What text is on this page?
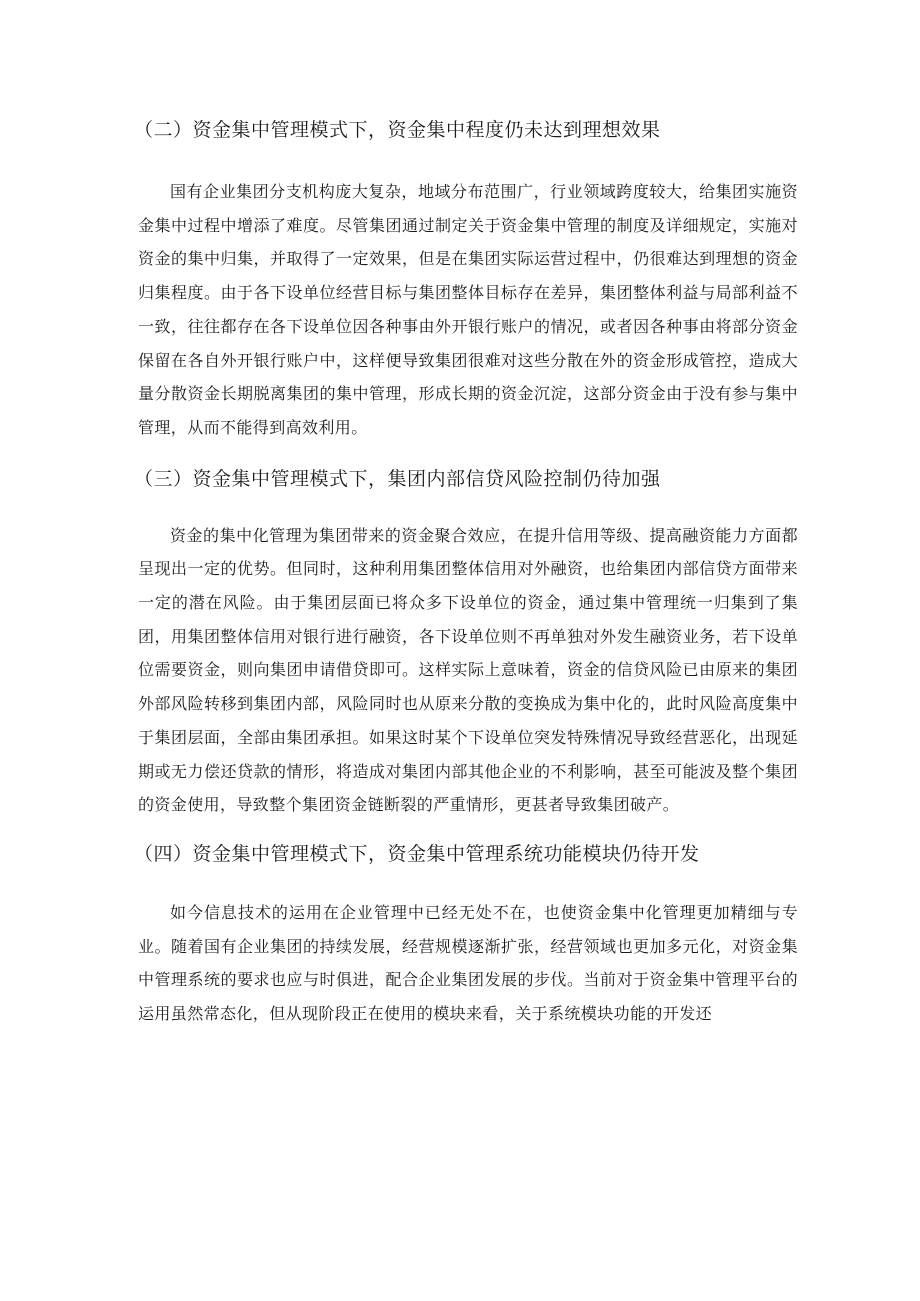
（二）资金集中管理模式下，资金集中程度仍未达到理想效果

国有企业集团分支机构庞大复杂，地域分布范围广，行业领域跨度较大，给集团实施资金集中过程中增添了难度。尽管集团通过制定关于资金集中管理的制度及详细规定，实施对资金的集中归集，并取得了一定效果，但是在集团实际运营过程中，仍很难达到理想的资金归集程度。由于各下设单位经营目标与集团整体目标存在差异，集团整体利益与局部利益不一致，往往都存在各下设单位因各种事由外开银行账户的情况，或者因各种事由将部分资金保留在各自外开银行账户中，这样便导致集团很难对这些分散在外的资金形成管控，造成大量分散资金长期脱离集团的集中管理，形成长期的资金沉淀，这部分资金由于没有参与集中管理，从而不能得到高效利用。

（三）资金集中管理模式下，集团内部信贷风险控制仍待加强

资金的集中化管理为集团带来的资金聚合效应，在提升信用等级、提高融资能力方面都呈现出一定的优势。但同时，这种利用集团整体信用对外融资，也给集团内部信贷方面带来一定的潜在风险。由于集团层面已将众多下设单位的资金，通过集中管理统一归集到了集团，用集团整体信用对银行进行融资，各下设单位则不再单独对外发生融资业务，若下设单位需要资金，则向集团申请借贷即可。这样实际上意味着，资金的信贷风险已由原来的集团外部风险转移到集团内部，风险同时也从原来分散的变换成为集中化的，此时风险高度集中于集团层面，全部由集团承担。如果这时某个下设单位突发特殊情况导致经营恶化，出现延期或无力偿还贷款的情形，将造成对集团内部其他企业的不利影响，甚至可能波及整个集团的资金使用，导致整个集团资金链断裂的严重情形，更甚者导致集团破产。

（四）资金集中管理模式下，资金集中管理系统功能模块仍待开发

如今信息技术的运用在企业管理中已经无处不在，也使资金集中化管理更加精细与专业。随着国有企业集团的持续发展，经营规模逐渐扩张，经营领域也更加多元化，对资金集中管理系统的要求也应与时俱进，配合企业集团发展的步伐。当前对于资金集中管理平台的运用虽然常态化，但从现阶段正在使用的模块来看，关于系统模块功能的开发还
